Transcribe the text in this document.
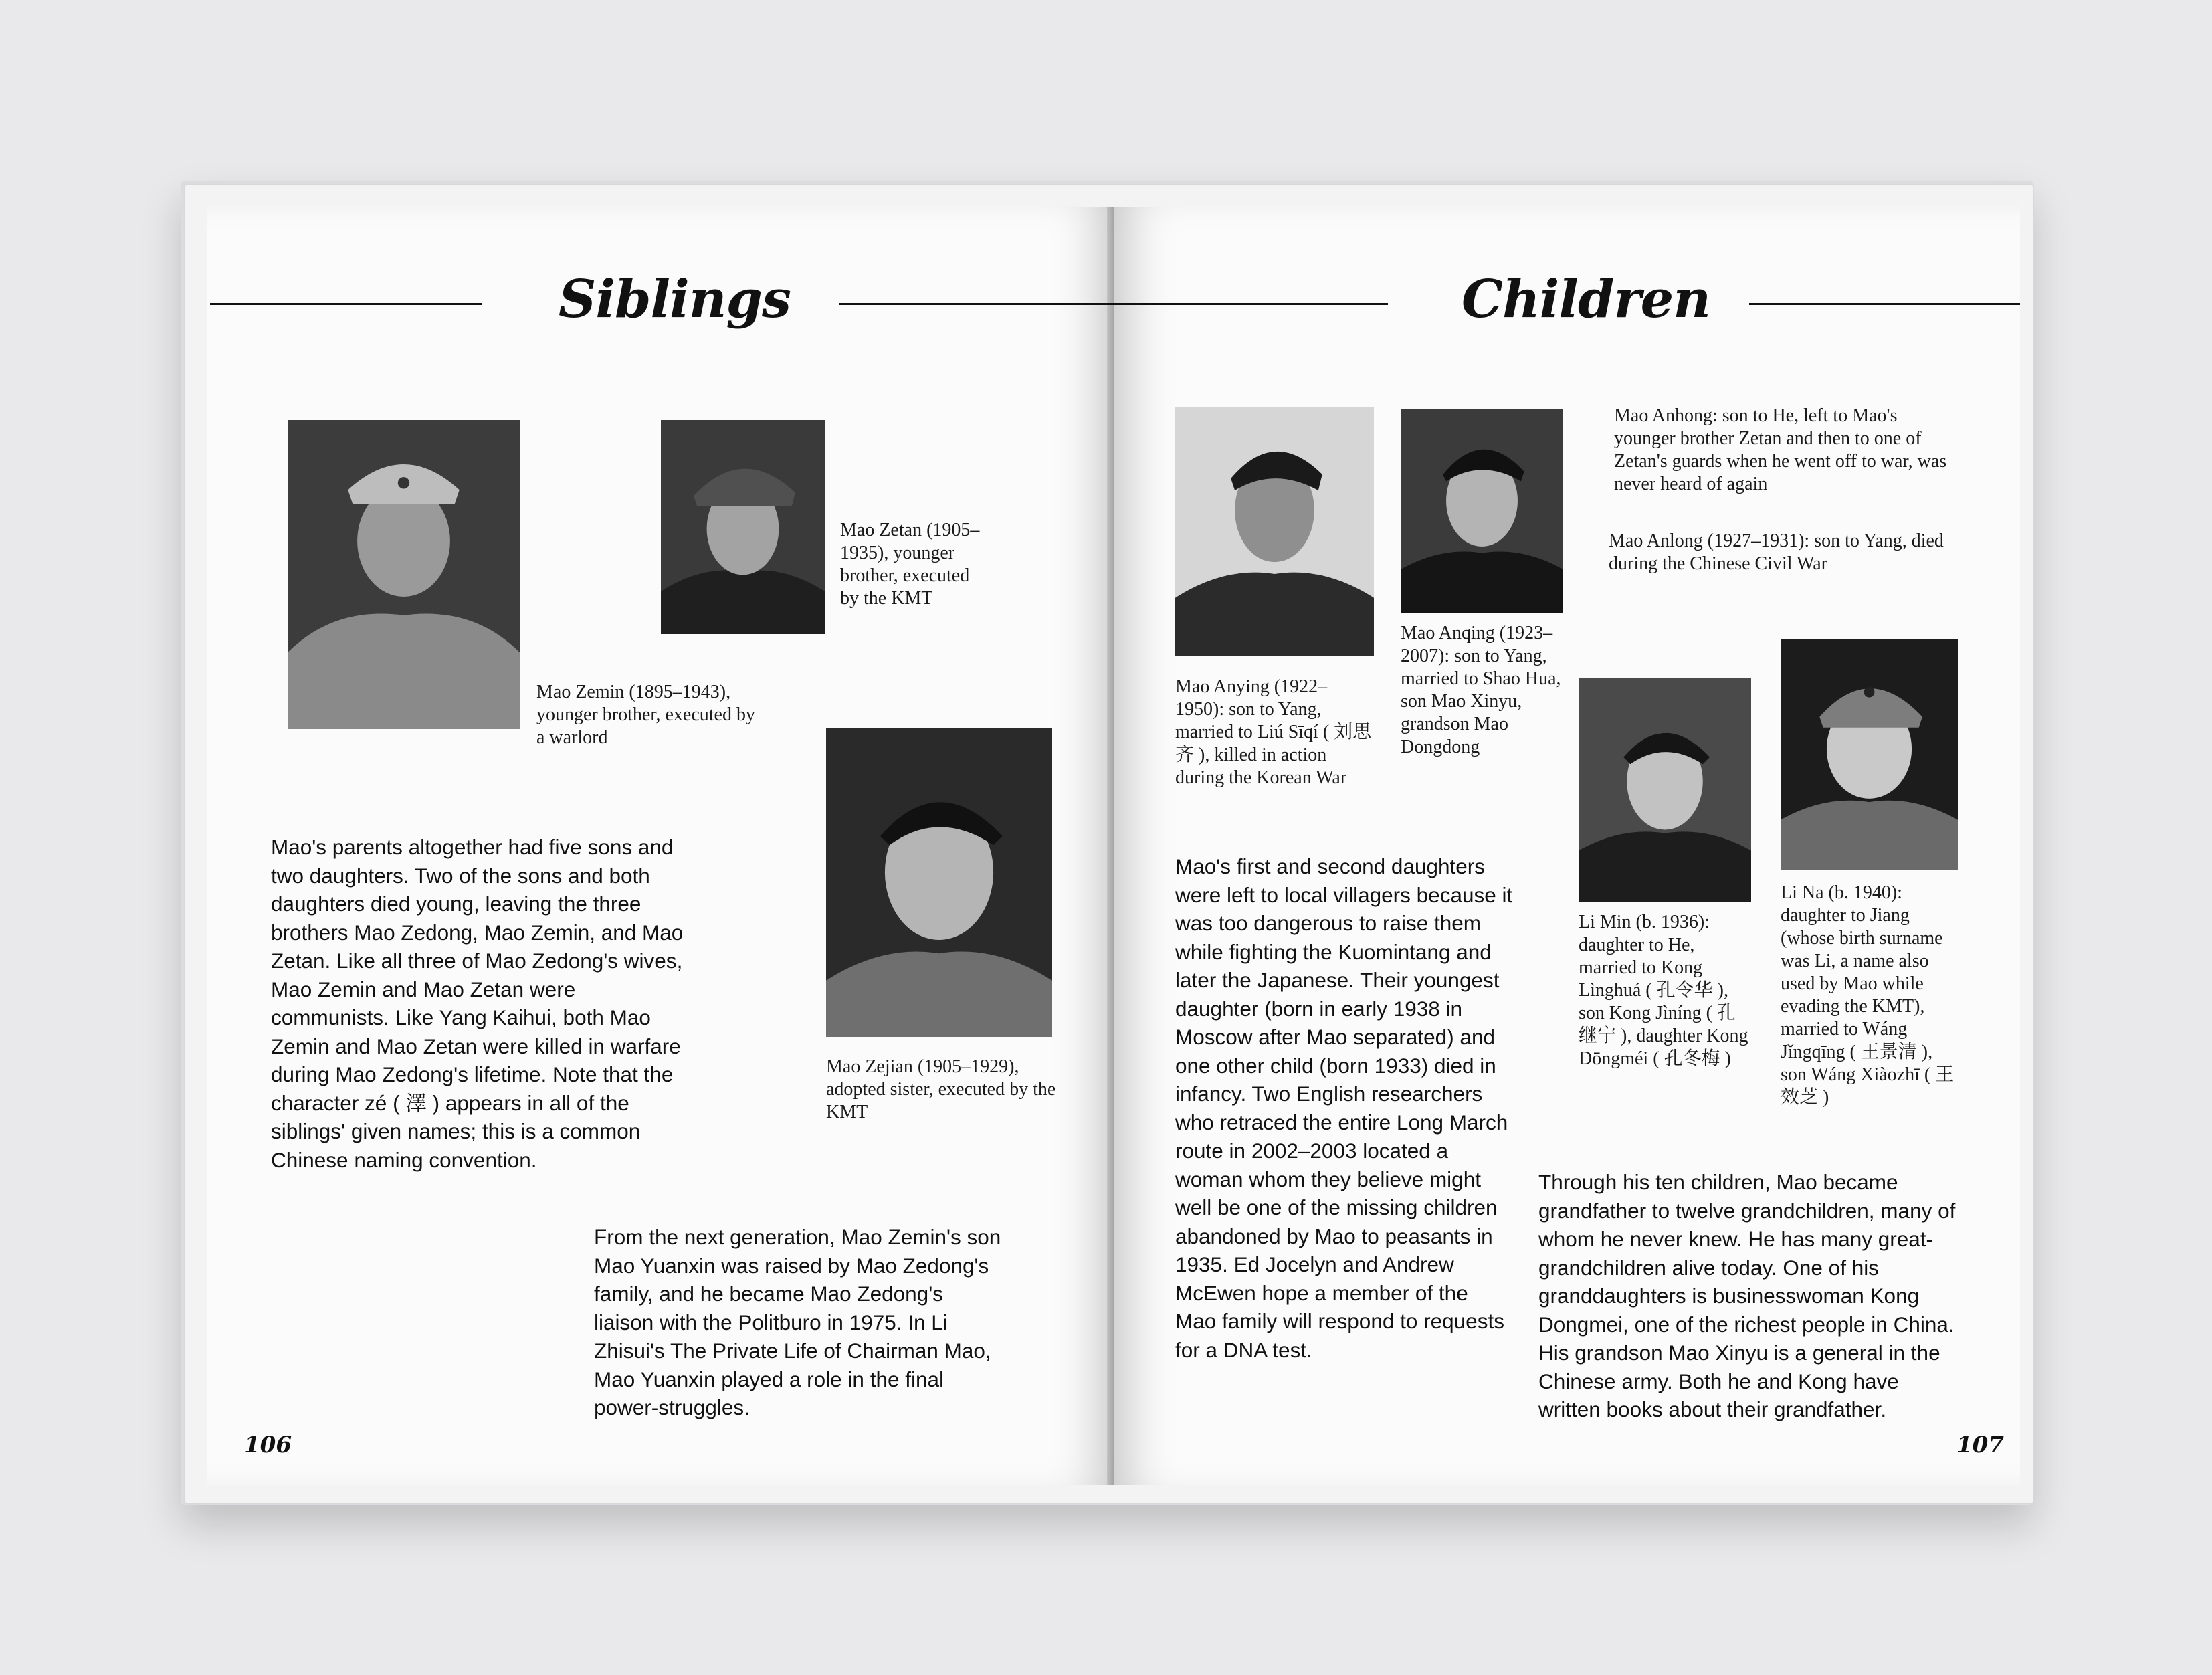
Siblings
Mao Zemin (1895–1943), younger brother, executed by a warlord
Mao Zetan (1905–1935), younger brother, executed by the KMT
Mao Zejian (1905–1929), adopted sister, executed by the KMT
Mao's parents altogether had five sons and two daughters. Two of the sons and both daughters died young, leaving the three brothers Mao Zedong, Mao Zemin, and Mao Zetan. Like all three of Mao Zedong's wives, Mao Zemin and Mao Zetan were communists. Like Yang Kaihui, both Mao Zemin and Mao Zetan were killed in warfare during Mao Zedong's lifetime. Note that the character zé ( 澤 ) appears in all of the siblings' given names; this is a common Chinese naming convention.
From the next generation, Mao Zemin's son Mao Yuanxin was raised by Mao Zedong's family, and he became Mao Zedong's liaison with the Politburo in 1975. In Li Zhisui's The Private Life of Chairman Mao, Mao Yuanxin played a role in the final power-struggles.
106
Children
Mao Anying (1922–1950): son to Yang, married to Liú Sīqí ( 刘思齐 ), killed in action during the Korean War
Mao Anqing (1923–2007): son to Yang, married to Shao Hua, son Mao Xinyu, grandson Mao Dongdong
Mao Anhong: son to He, left to Mao's younger brother Zetan and then to one of Zetan's guards when he went off to war, was never heard of again
Mao Anlong (1927–1931): son to Yang, died during the Chinese Civil War
Li Min (b. 1936): daughter to He, married to Kong Lìnghuá ( 孔令华 ), son Kong Jìníng ( 孔继宁 ), daughter Kong Dōngméi ( 孔冬梅 )
Li Na (b. 1940): daughter to Jiang (whose birth surname was Li, a name also used by Mao while evading the KMT), married to Wáng Jǐngqīng ( 王景清 ), son Wáng Xiàozhī ( 王效芝 )
Mao's first and second daughters were left to local villagers because it was too dangerous to raise them while fighting the Kuomintang and later the Japanese. Their youngest daughter (born in early 1938 in Moscow after Mao separated) and one other child (born 1933) died in infancy. Two English researchers who retraced the entire Long March route in 2002–2003 located a woman whom they believe might well be one of the missing children abandoned by Mao to peasants in 1935. Ed Jocelyn and Andrew McEwen hope a member of the Mao family will respond to requests for a DNA test.
Through his ten children, Mao became grandfather to twelve grandchildren, many of whom he never knew. He has many great-grandchildren alive today. One of his granddaughters is businesswoman Kong Dongmei, one of the richest people in China. His grandson Mao Xinyu is a general in the Chinese army. Both he and Kong have written books about their grandfather.
107
